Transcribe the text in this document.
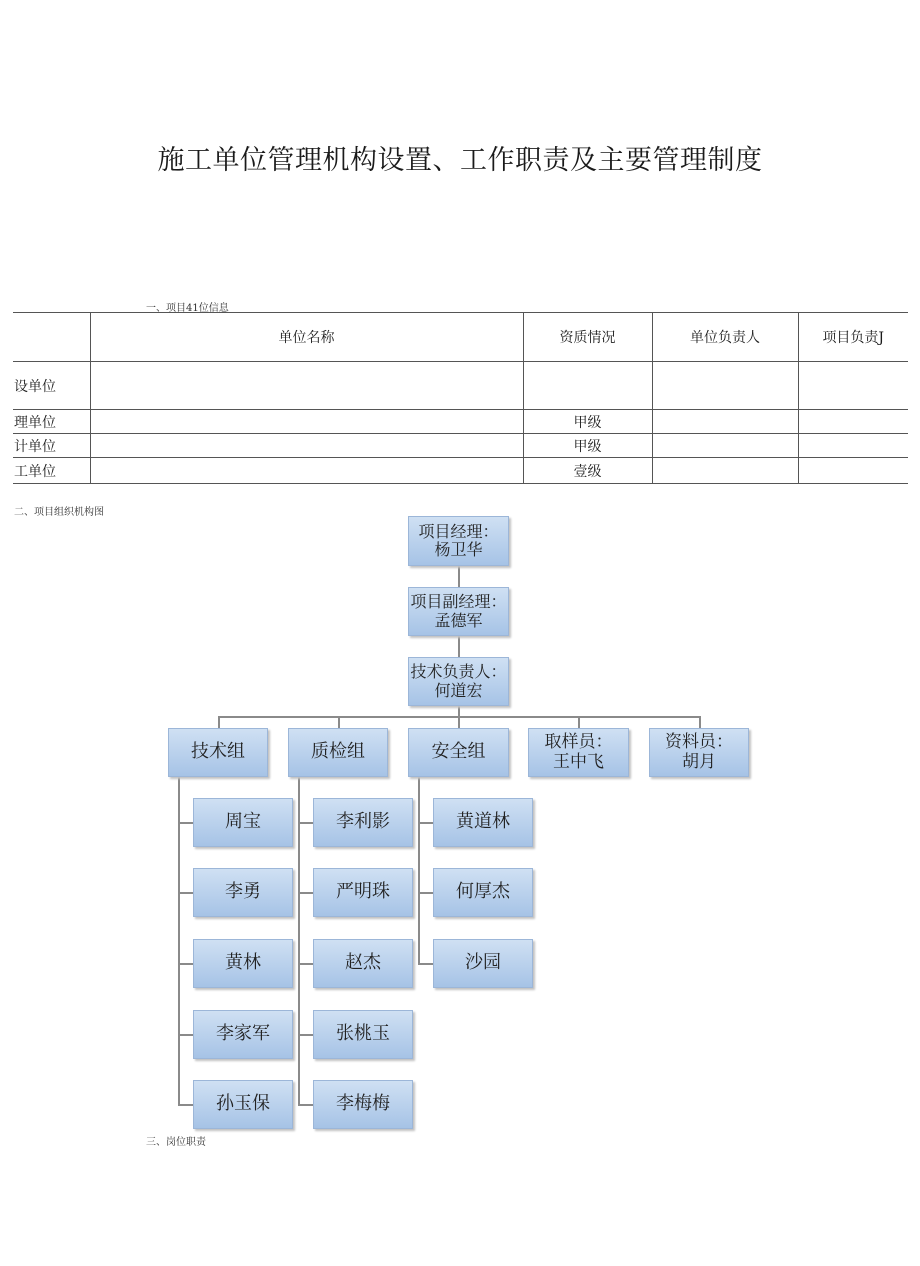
施工单位管理机构设置、工作职责及主要管理制度
一、项目41位信息
	单位名称	资质情况	单位负责人	项目负责J
设单位				
理单位		甲级		
计单位		甲级		
工单位		壹级		
二、项目组织机构图
项目经理：
杨卫华
项目副经理：
孟德军
技术负责人：
何道宏
技术组	质检组	安全组	取样员：
王中飞
资料员：
胡月
周宝
李勇
黄林
李家军
孙玉保
李利影
严明珠
赵杰
张桃玉
李梅梅
黄道林
何厚杰
沙园
三、岗位职责
